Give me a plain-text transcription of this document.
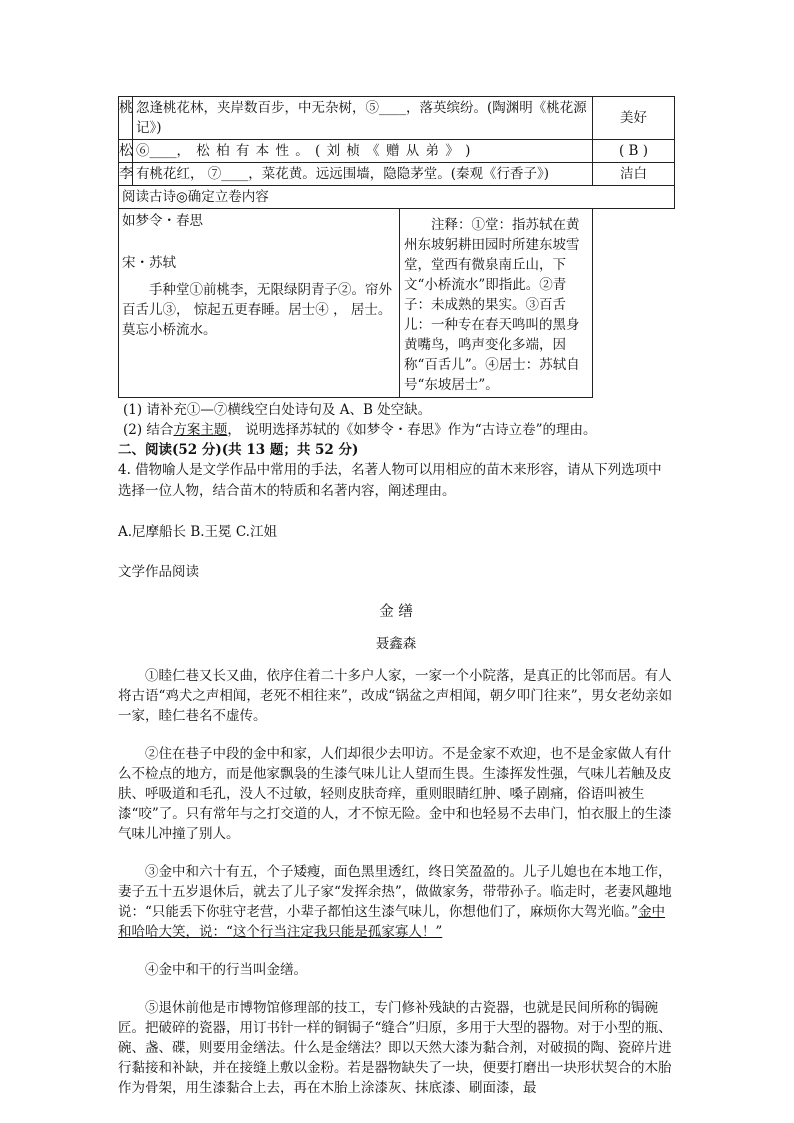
桃	忽逢桃花林，夹岸数百步，中无杂树，⑤____，落英缤纷。(陶渊明《桃花源记》)	美好
松	⑥____， 松 柏 有 本 性 。 ( 刘 桢 《 赠 从 弟 》 )	( B )
李	有桃花红， ⑦____，菜花黄。远远围墙，隐隐茅堂。(秦观《行香子》)	洁白
阅读古诗◎确定立卷内容		

如梦令・春思

宋・苏轼

手种堂①前桃李，无限绿阴青子②。帘外百舌儿③， 惊起五更春睡。居士④ ， 居士。莫忘小桥流水。

注释：①堂：指苏轼在黄州东坡躬耕田园时所建东坡雪堂，堂西有微泉南丘山，下文“小桥流水”即指此。②青子：未成熟的果实。③百舌儿：一种专在春天鸣叫的黑身黄嘴鸟，鸣声变化多端，因称“百舌儿”。④居士：苏轼自号“东坡居士”。		

(1) 请补充①—⑦横线空白处诗句及 A、B 处空缺。

(2) 结合方案主题， 说明选择苏轼的《如梦令・春思》作为“古诗立卷”的理由。

二、阅读(52 分)(共 13 题；共 52 分)

4. 借物喻人是文学作品中常用的手法，名著人物可以用相应的苗木来形容，请从下列选项中选择一位人物，结合苗木的特质和名著内容，阐述理由。

A.尼摩船长 B.王冕 C.江姐

文学作品阅读

金 缮

聂鑫森

①睦仁巷又长又曲，依序住着二十多户人家，一家一个小院落，是真正的比邻而居。有人将古语“鸡犬之声相闻，老死不相往来”，改成“锅盆之声相闻，朝夕叩门往来”，男女老幼亲如一家，睦仁巷名不虚传。

②住在巷子中段的金中和家，人们却很少去叩访。不是金家不欢迎，也不是金家做人有什么不检点的地方，而是他家飘袅的生漆气味儿让人望而生畏。生漆挥发性强，气味儿若触及皮肤、呼吸道和毛孔，没人不过敏，轻则皮肤奇痒，重则眼睛红肿、嗓子剧痛，俗语叫被生漆“咬”了。只有常年与之打交道的人，才不惊无险。金中和也轻易不去串门，怕衣服上的生漆气味儿冲撞了别人。

③金中和六十有五，个子矮瘦，面色黑里透红，终日笑盈盈的。儿子儿媳也在本地工作，妻子五十五岁退休后，就去了儿子家“发挥余热”，做做家务，带带孙子。临走时，老妻风趣地说：“只能丢下你驻守老营，小辈子都怕这生漆气味儿，你想他们了，麻烦你大驾光临。”金中和哈哈大笑，说：“这个行当注定我只能是孤家寡人！”

④金中和干的行当叫金缮。

⑤退休前他是市博物馆修理部的技工，专门修补残缺的古瓷器，也就是民间所称的锔碗匠。把破碎的瓷器，用订书针一样的铜锔子“缝合”归原，多用于大型的器物。对于小型的瓶、碗、盏、碟，则要用金缮法。什么是金缮法？即以天然大漆为黏合剂，对破损的陶、瓷碎片进行黏接和补缺，并在接缝上敷以金粉。若是器物缺失了一块，便要打磨出一块形状契合的木胎作为骨架，用生漆黏合上去，再在木胎上涂漆灰、抹底漆、刷面漆，最
